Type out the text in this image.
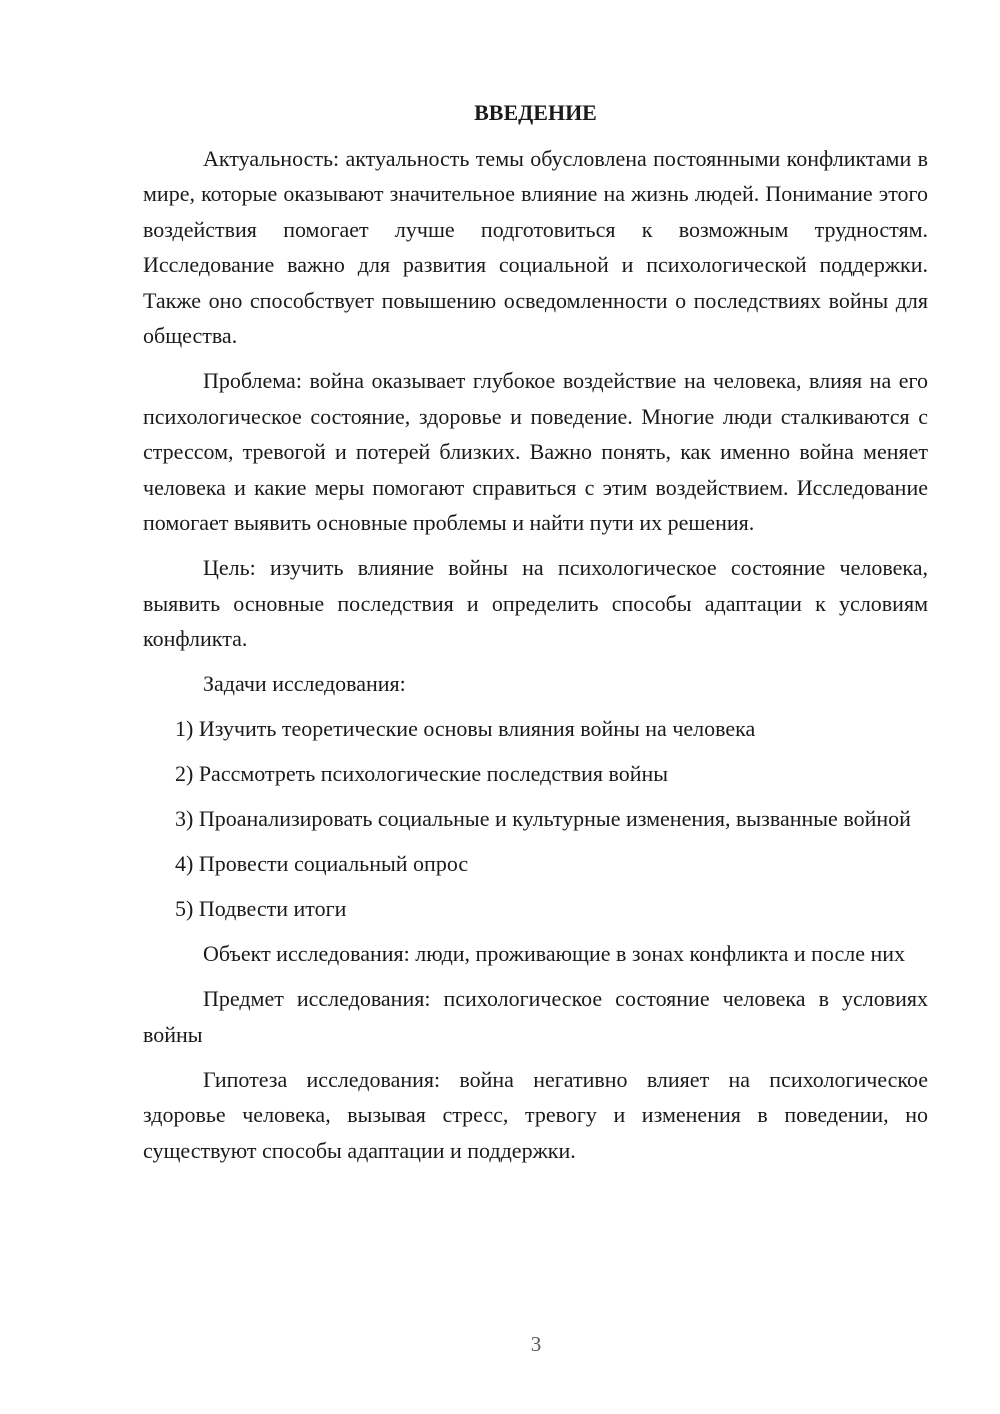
ВВЕДЕНИЕ

Актуальность: актуальность темы обусловлена постоянными конфликтами в мире, которые оказывают значительное влияние на жизнь людей. Понимание этого воздействия помогает лучше подготовиться к возможным трудностям. Исследование важно для развития социальной и психологической поддержки. Также оно способствует повышению осведомленности о последствиях войны для общества.

Проблема: война оказывает глубокое воздействие на человека, влияя на его психологическое состояние, здоровье и поведение. Многие люди сталкиваются с стрессом, тревогой и потерей близких. Важно понять, как именно война меняет человека и какие меры помогают справиться с этим воздействием. Исследование помогает выявить основные проблемы и найти пути их решения.

Цель: изучить влияние войны на психологическое состояние человека, выявить основные последствия и определить способы адаптации к условиям конфликта.

Задачи исследования:

1) Изучить теоретические основы влияния войны на человека

2) Рассмотреть психологические последствия войны

3) Проанализировать социальные и культурные изменения, вызванные войной

4) Провести социальный опрос

5) Подвести итоги

Объект исследования: люди, проживающие в зонах конфликта и после них

Предмет исследования: психологическое состояние человека в условиях войны

Гипотеза исследования: война негативно влияет на психологическое здоровье человека, вызывая стресс, тревогу и изменения в поведении, но существуют способы адаптации и поддержки.

3
